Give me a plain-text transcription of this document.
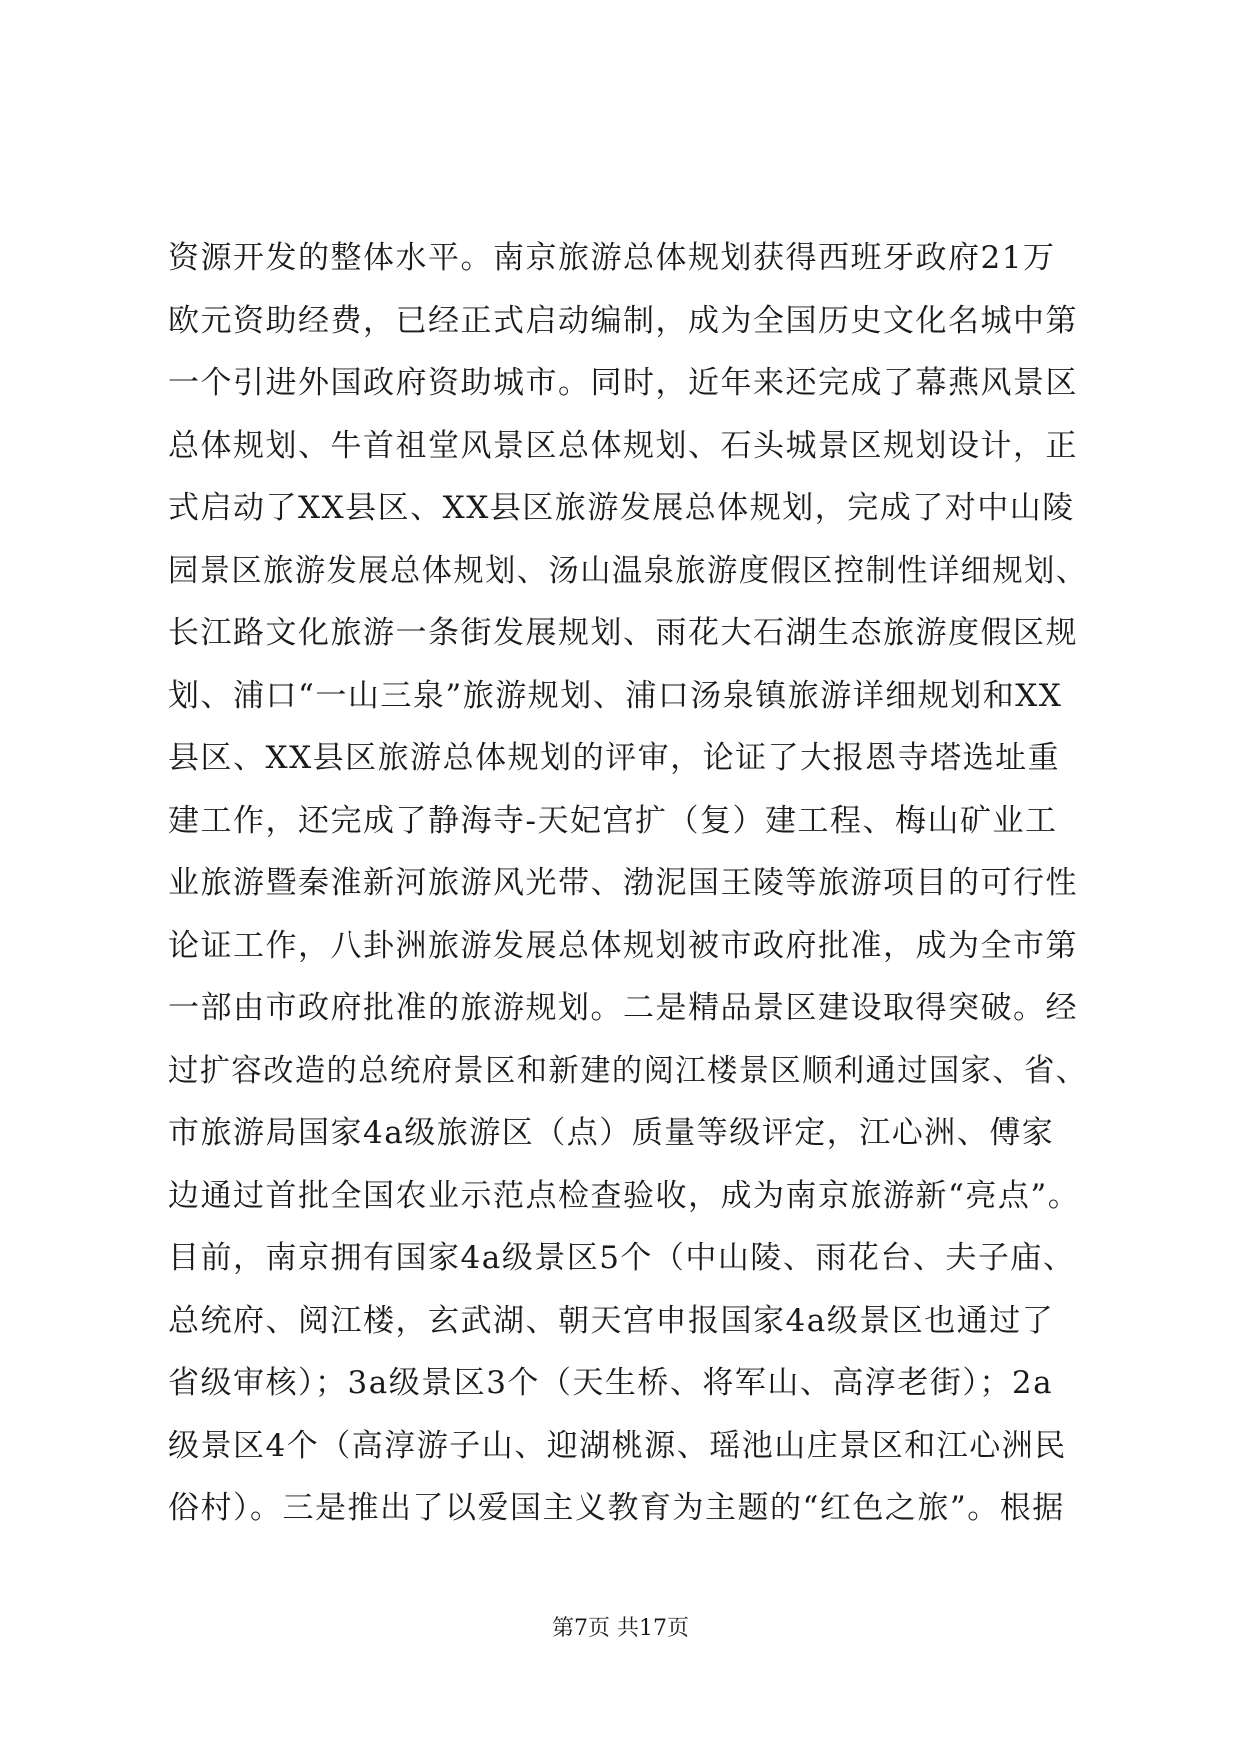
资源开发的整体水平。南京旅游总体规划获得西班牙政府21万
欧元资助经费，已经正式启动编制，成为全国历史文化名城中第
一个引进外国政府资助城市。同时，近年来还完成了幕燕风景区
总体规划、牛首祖堂风景区总体规划、石头城景区规划设计，正
式启动了XX县区、XX县区旅游发展总体规划，完成了对中山陵
园景区旅游发展总体规划、汤山温泉旅游度假区控制性详细规划、
长江路文化旅游一条街发展规划、雨花大石湖生态旅游度假区规
划、浦口“一山三泉”旅游规划、浦口汤泉镇旅游详细规划和XX
县区、XX县区旅游总体规划的评审，论证了大报恩寺塔选址重
建工作，还完成了静海寺-天妃宫扩（复）建工程、梅山矿业工
业旅游暨秦淮新河旅游风光带、渤泥国王陵等旅游项目的可行性
论证工作，八卦洲旅游发展总体规划被市政府批准，成为全市第
一部由市政府批准的旅游规划。二是精品景区建设取得突破。经
过扩容改造的总统府景区和新建的阅江楼景区顺利通过国家、省、
市旅游局国家4a级旅游区（点）质量等级评定，江心洲、傅家
边通过首批全国农业示范点检查验收，成为南京旅游新“亮点”。
目前，南京拥有国家4a级景区5个（中山陵、雨花台、夫子庙、
总统府、阅江楼，玄武湖、朝天宫申报国家4a级景区也通过了
省级审核）；3a级景区3个（天生桥、将军山、高淳老街）；2a
级景区4个（高淳游子山、迎湖桃源、瑶池山庄景区和江心洲民
俗村）。三是推出了以爱国主义教育为主题的“红色之旅”。根据
第7页 共17页
